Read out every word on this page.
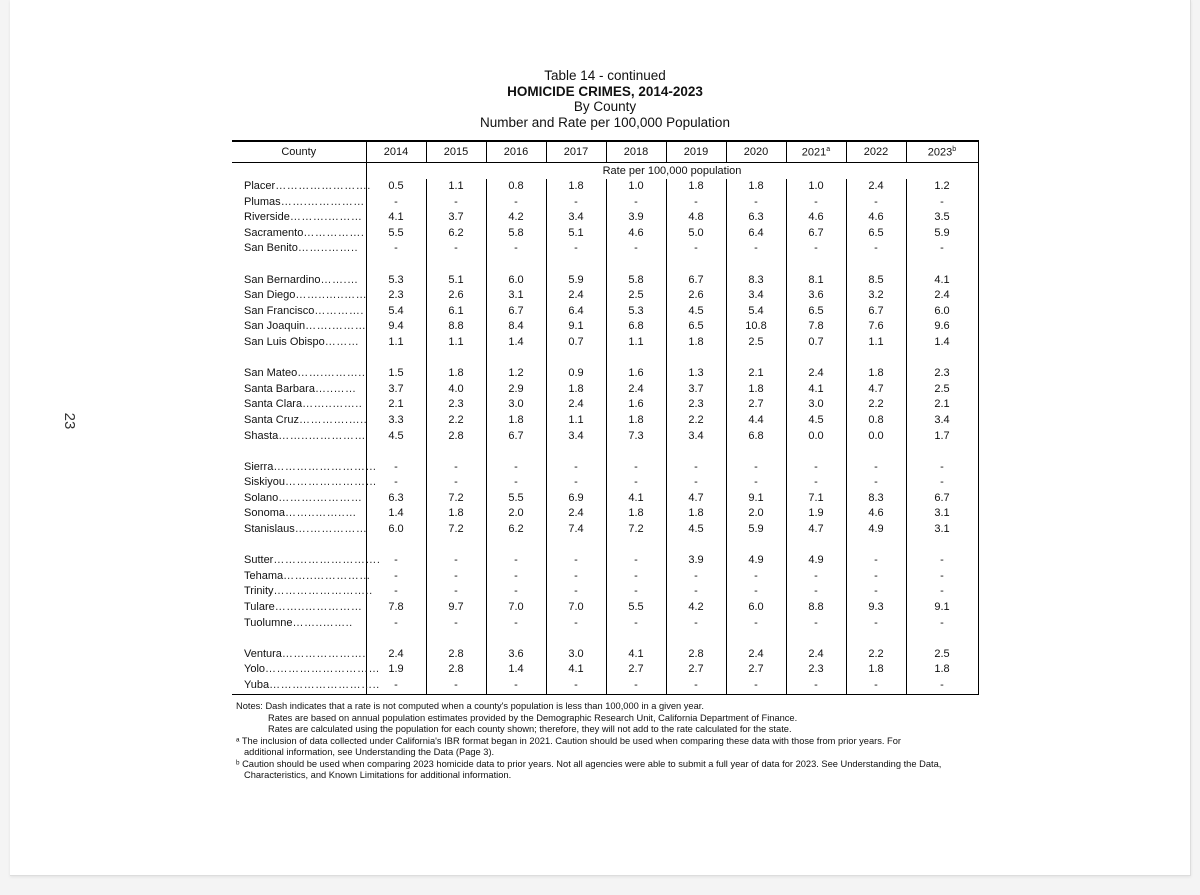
23
Table 14 - continued
HOMICIDE CRIMES, 2014-2023
By County
Number and Rate per 100,000 Population
County	2014	2015	2016	2017	2018	2019	2020	2021$^a$	2022	2023$^b$
	Rate per 100,000 population									
Placer…………………….	0.5	1.1	0.8	1.8	1.0	1.8	1.8	1.0	2.4	1.2
Plumas…….……………	-	-	-	-	-	-	-	-	-	-
Riverside……….………	4.1	3.7	4.2	3.4	3.9	4.8	6.3	4.6	4.6	3.5
Sacramento…………….	5.5	6.2	5.8	5.1	4.6	5.0	6.4	6.7	6.5	5.9
San Benito……..……..	-	-	-	-	-	-	-	-	-	-

San Bernardino…….…	5.3	5.1	6.0	5.9	5.8	6.7	8.3	8.1	8.5	4.1
San Diego……..…..……	2.3	2.6	3.1	2.4	2.5	2.6	3.4	3.6	3.2	2.4
San Francisco………….	5.4	6.1	6.7	6.4	5.3	4.5	5.4	6.5	6.7	6.0
San Joaquin…….………	9.4	8.8	8.4	9.1	6.8	6.5	10.8	7.8	7.6	9.6
San Luis Obispo………	1.1	1.1	1.4	0.7	1.1	1.8	2.5	0.7	1.1	1.4

San Mateo…….………..	1.5	1.8	1.2	0.9	1.6	1.3	2.1	2.4	1.8	2.3
Santa Barbara…..……	3.7	4.0	2.9	1.8	2.4	3.7	1.8	4.1	4.7	2.5
Santa Clara……..……..	2.1	2.3	3.0	2.4	1.6	2.3	2.7	3.0	2.2	2.1
Santa Cruz………….…..	3.3	2.2	1.8	1.1	1.8	2.2	4.4	4.5	0.8	3.4
Shasta……..……………	4.5	2.8	6.7	3.4	7.3	3.4	6.8	0.0	0.0	1.7

Sierra………………………	-	-	-	-	-	-	-	-	-	-
Siskiyou……………………	-	-	-	-	-	-	-	-	-	-
Solano……….…………	6.3	7.2	5.5	6.9	4.1	4.7	9.1	7.1	8.3	6.7
Sonoma……..……..…	1.4	1.8	2.0	2.4	1.8	1.8	2.0	1.9	4.6	3.1
Stanislaus….……………	6.0	7.2	6.2	7.4	7.2	4.5	5.9	4.7	4.9	3.1

Sutter……………………….	-	-	-	-	-	3.9	4.9	4.9	-	-
Tehama……..……………	-	-	-	-	-	-	-	-	-	-
Trinity……………………..	-	-	-	-	-	-	-	-	-	-
Tulare……..……………	7.8	9.7	7.0	7.0	5.5	4.2	6.0	8.8	9.3	9.1
Tuolumne……..……..	-	-	-	-	-	-	-	-	-	-

Ventura………………….	2.4	2.8	3.6	3.0	4.1	2.8	2.4	2.4	2.2	2.5
Yolo…………………………	1.9	2.8	1.4	4.1	2.7	2.7	2.7	2.3	1.8	1.8
Yuba………………………..	-	-	-	-	-	-	-	-	-	-
Notes: Dash indicates that a rate is not computed when a county's population is less than 100,000 in a given year.
Rates are based on annual population estimates provided by the Demographic Research Unit, California Department of Finance.
Rates are calculated using the population for each county shown; therefore, they will not add to the rate calculated for the state.
ᵃ The inclusion of data collected under California's IBR format began in 2021. Caution should be used when comparing these data with those from prior years. For
additional information, see Understanding the Data (Page 3).
ᵇ Caution should be used when comparing 2023 homicide data to prior years. Not all agencies were able to submit a full year of data for 2023. See Understanding the Data,
Characteristics, and Known Limitations for additional information.
